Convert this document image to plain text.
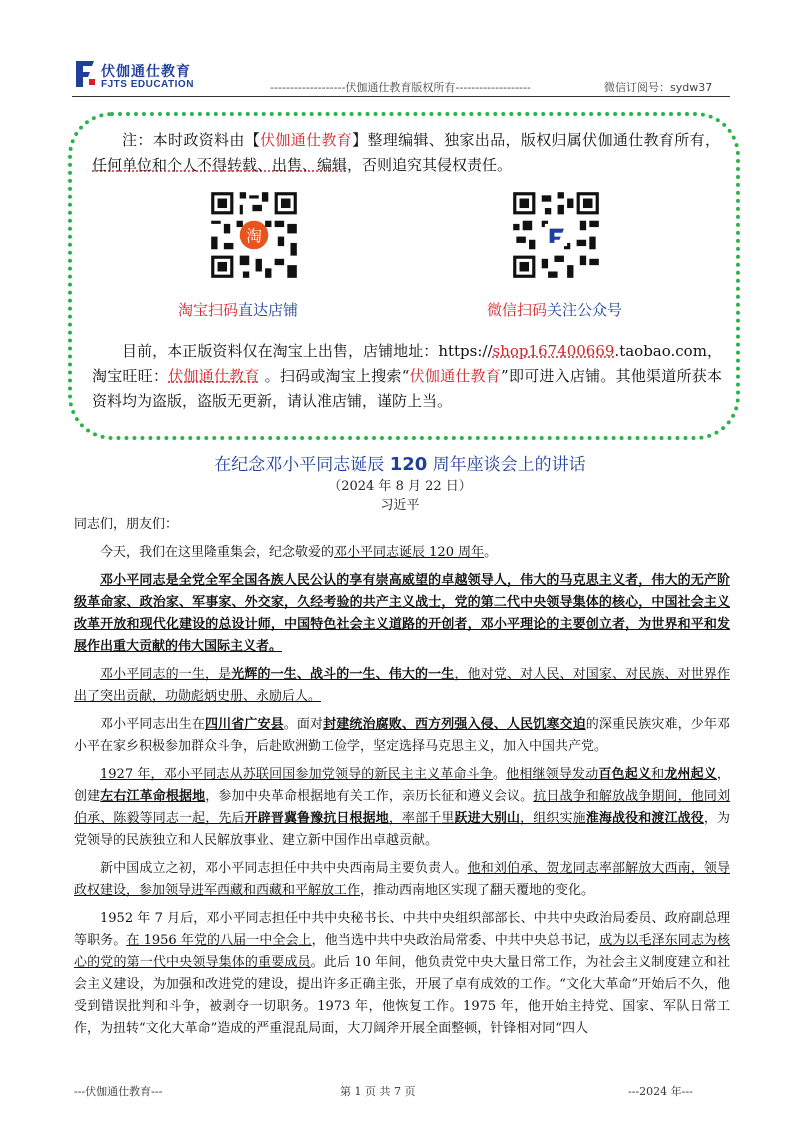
伏伽通仕教育
FJTS EDUCATION	-------------------伏伽通仕教育版权所有-------------------	微信订阅号：sydw37
注：本时政资料由【伏伽通仕教育】整理编辑、独家出品，版权归属伏伽通仕教育所有，任何单位和个人不得转载、出售、编辑，否则追究其侵权责任。
淘
淘宝扫码直达店铺	微信扫码关注公众号
目前，本正版资料仅在淘宝上出售，店铺地址：https://shop167400669.taobao.com，淘宝旺旺：伏伽通仕教育 。扫码或淘宝上搜索“伏伽通仕教育”即可进入店铺。其他渠道所获本资料均为盗版，盗版无更新，请认准店铺，谨防上当。
在纪念邓小平同志诞辰 120 周年座谈会上的讲话
（2024 年 8 月 22 日）
习近平

同志们，朋友们：

今天，我们在这里隆重集会，纪念敬爱的邓小平同志诞辰 120 周年。

邓小平同志是全党全军全国各族人民公认的享有崇高威望的卓越领导人，伟大的马克思主义者，伟大的无产阶级革命家、政治家、军事家、外交家，久经考验的共产主义战士，党的第二代中央领导集体的核心，中国社会主义改革开放和现代化建设的总设计师，中国特色社会主义道路的开创者，邓小平理论的主要创立者，为世界和平和发展作出重大贡献的伟大国际主义者。

邓小平同志的一生，是光辉的一生、战斗的一生、伟大的一生，他对党、对人民、对国家、对民族、对世界作出了突出贡献，功勋彪炳史册、永励后人。

邓小平同志出生在四川省广安县。面对封建统治腐败、西方列强入侵、人民饥寒交迫的深重民族灾难，少年邓小平在家乡积极参加群众斗争，后赴欧洲勤工俭学，坚定选择马克思主义，加入中国共产党。

1927 年，邓小平同志从苏联回国参加党领导的新民主主义革命斗争。他相继领导发动百色起义和龙州起义，创建左右江革命根据地，参加中央革命根据地有关工作，亲历长征和遵义会议。抗日战争和解放战争期间，他同刘伯承、陈毅等同志一起，先后开辟晋冀鲁豫抗日根据地，率部千里跃进大别山，组织实施淮海战役和渡江战役，为党领导的民族独立和人民解放事业、建立新中国作出卓越贡献。

新中国成立之初，邓小平同志担任中共中央西南局主要负责人。他和刘伯承、贺龙同志率部解放大西南，领导政权建设，参加领导进军西藏和西藏和平解放工作，推动西南地区实现了翻天覆地的变化。

1952 年 7 月后，邓小平同志担任中共中央秘书长、中共中央组织部部长、中共中央政治局委员、政府副总理等职务。在 1956 年党的八届一中全会上，他当选中共中央政治局常委、中共中央总书记，成为以毛泽东同志为核心的党的第一代中央领导集体的重要成员。此后 10 年间，他负责党中央大量日常工作，为社会主义制度建立和社会主义建设，为加强和改进党的建设，提出许多正确主张，开展了卓有成效的工作。“文化大革命”开始后不久，他受到错误批判和斗争，被剥夺一切职务。1973 年，他恢复工作。1975 年，他开始主持党、国家、军队日常工作，为扭转“文化大革命”造成的严重混乱局面，大刀阔斧开展全面整顿，针锋相对同“四人

---伏伽通仕教育---	第 1 页 共 7 页	---2024 年---
